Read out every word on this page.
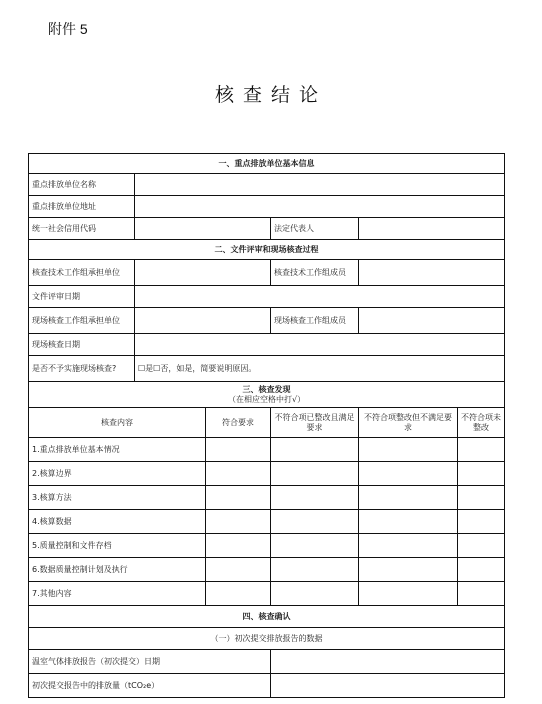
附件 5
核查结论
一、重点排放单位基本信息					
重点排放单位名称					
重点排放单位地址					
统一社会信用代码			法定代表人		
二、文件评审和现场核查过程					
核查技术工作组承担单位			核查技术工作组成员		
文件评审日期					
现场核查工作组承担单位			现场核查工作组成员		
现场核查日期					
是否不予实施现场核查?	☐是☐否，如是，简要说明原因。				

三、核查发现
（在相应空格中打√）					

核查内容		符合要求	不符合项已整改且满足要求	不符合项整改但不满足要求	不符合项未整改
1.重点排放单位基本情况					
2.核算边界					
3.核算方法					
4.核算数据					
5.质量控制和文件存档					
6.数据质量控制计划及执行					
7.其他内容					
四、核查确认					
（一）初次提交排放报告的数据					
温室气体排放报告（初次提交）日期					
初次提交报告中的排放量（tCO₂e）					
